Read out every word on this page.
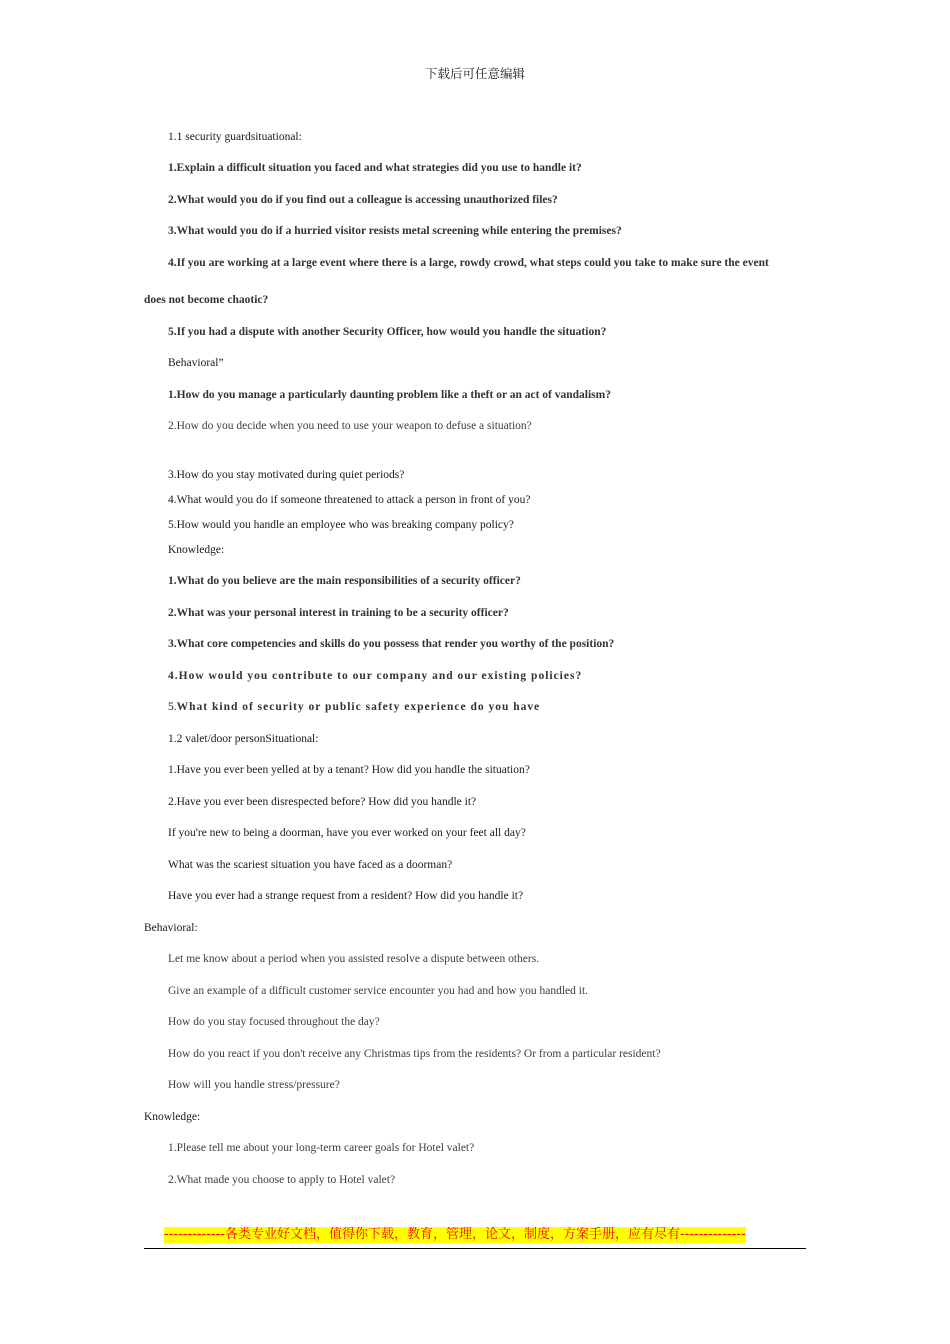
下载后可任意编辑
1.1 security guardsituational:
1.Explain a difficult situation you faced and what strategies did you use to handle it?
2.What would you do if you find out a colleague is accessing unauthorized files?
3.What would you do if a hurried visitor resists metal screening while entering the premises?
4.If you are working at a large event where there is a large, rowdy crowd, what steps could you take to make sure the event
does not become chaotic?
5.If you had a dispute with another Security Officer, how would you handle the situation?
Behavioral”
1.How do you manage a particularly daunting problem like a theft or an act of vandalism?
2.How do you decide when you need to use your weapon to defuse a situation?
3.How do you stay motivated during quiet periods?
4.What would you do if someone threatened to attack a person in front of you?
5.How would you handle an employee who was breaking company policy?
Knowledge:
1.What do you believe are the main responsibilities of a security officer?
2.What was your personal interest in training to be a security officer?
3.What core competencies and skills do you possess that render you worthy of the position?
4.How would you contribute to our company and our existing policies?
5.What kind of security or public safety experience do you have
1.2 valet/door personSituational:
1.Have you ever been yelled at by a tenant? How did you handle the situation?
2.Have you ever been disrespected before? How did you handle it?
If you're new to being a doorman, have you ever worked on your feet all day?
What was the scariest situation you have faced as a doorman?
Have you ever had a strange request from a resident? How did you handle it?
Behavioral:
Let me know about a period when you assisted resolve a dispute between others.
Give an example of a difficult customer service encounter you had and how you handled it.
How do you stay focused throughout the day?
How do you react if you don't receive any Christmas tips from the residents? Or from a particular resident?
How will you handle stress/pressure?
Knowledge:
1.Please tell me about your long-term career goals for Hotel valet?
2.What made you choose to apply to Hotel valet?
-------------各类专业好文档，值得你下载，教育，管理，论文，制度，方案手册，应有尽有--------------
